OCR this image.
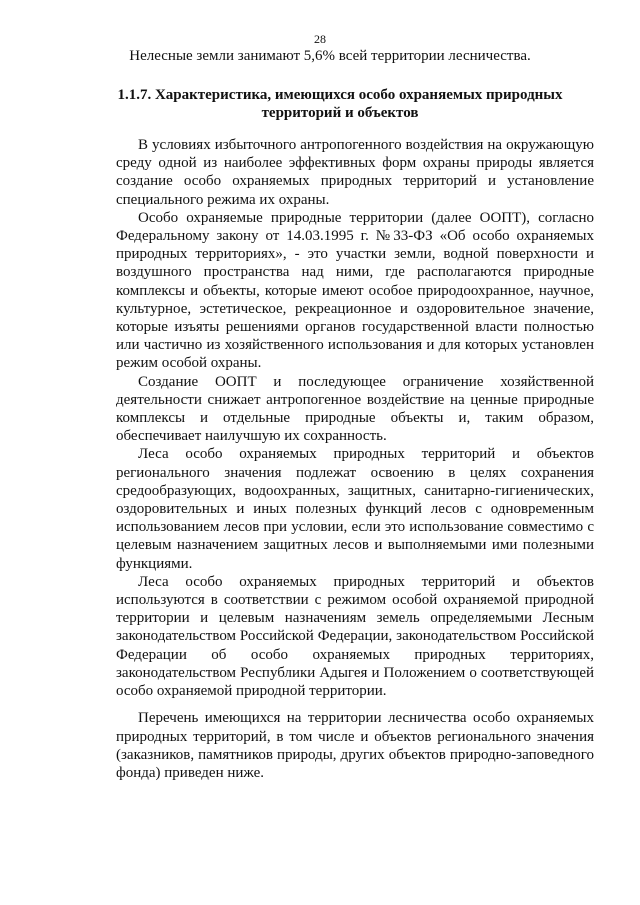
28
Нелесные земли занимают 5,6% всей территории лесничества.
1.1.7. Характеристика, имеющихся особо охраняемых природных территорий и объектов

В условиях избыточного антропогенного воздействия на окружающую среду одной из наиболее эффективных форм охраны природы является создание особо охраняемых природных территорий и установление специального режима их охраны.

Особо охраняемые природные территории (далее ООПТ), согласно Федеральному закону от 14.03.1995 г. №33-ФЗ «Об особо охраняемых природных территориях», - это участки земли, водной поверхности и воздушного пространства над ними, где располагаются природные комплексы и объекты, которые имеют особое природоохранное, научное, культурное, эстетическое, рекреационное и оздоровительное значение, которые изъяты решениями органов государственной власти полностью или частично из хозяйственного использования и для которых установлен режим особой охраны.

Создание ООПТ и последующее ограничение хозяйственной деятельности снижает антропогенное воздействие на ценные природные комплексы и отдельные природные объекты и, таким образом, обеспечивает наилучшую их сохранность.

Леса особо охраняемых природных территорий и объектов регионального значения подлежат освоению в целях сохранения средообразующих, водоохранных, защитных, санитарно-гигиенических, оздоровительных и иных полезных функций лесов с одновременным использованием лесов при условии, если это использование совместимо с целевым назначением защитных лесов и выполняемыми ими полезными функциями.

Леса особо охраняемых природных территорий и объектов используются в соответствии с режимом особой охраняемой природной территории и целевым назначениям земель определяемыми Лесным законодательством Российской Федерации, законодательством Российской Федерации об особо охраняемых природных территориях, законодательством Республики Адыгея и Положением о соответствующей особо охраняемой природной территории.

Перечень имеющихся на территории лесничества особо охраняемых природных территорий, в том числе и объектов регионального значения (заказников, памятников природы, других объектов природно-заповедного фонда) приведен ниже.
